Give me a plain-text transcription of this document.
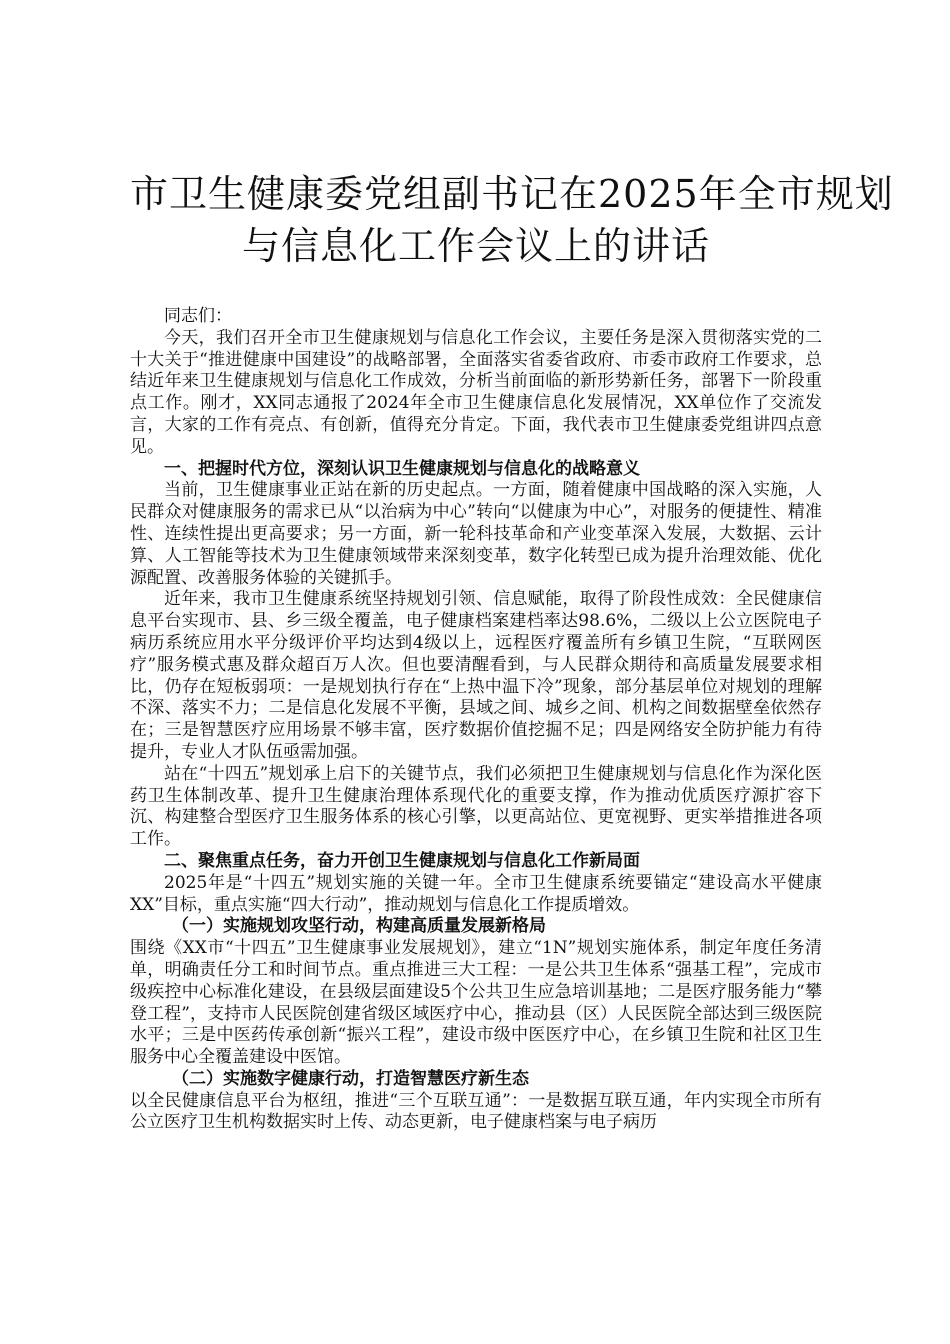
市卫生健康委党组副书记在2025年全市规划
与信息化工作会议上的讲话

同志们：

今天，我们召开全市卫生健康规划与信息化工作会议，主要任务是深入贯彻落实党的二十大关于“推进健康中国建设”的战略部署，全面落实省委省政府、市委市政府工作要求，总结近年来卫生健康规划与信息化工作成效，分析当前面临的新形势新任务，部署下一阶段重点工作。刚才，XX同志通报了2024年全市卫生健康信息化发展情况，XX单位作了交流发言，大家的工作有亮点、有创新，值得充分肯定。下面，我代表市卫生健康委党组讲四点意见。

一、把握时代方位，深刻认识卫生健康规划与信息化的战略意义

当前，卫生健康事业正站在新的历史起点。一方面，随着健康中国战略的深入实施，人民群众对健康服务的需求已从“以治病为中心”转向“以健康为中心”，对服务的便捷性、精准性、连续性提出更高要求；另一方面，新一轮科技革命和产业变革深入发展，大数据、云计算、人工智能等技术为卫生健康领域带来深刻变革，数字化转型已成为提升治理效能、优化源配置、改善服务体验的关键抓手。

近年来，我市卫生健康系统坚持规划引领、信息赋能，取得了阶段性成效：全民健康信息平台实现市、县、乡三级全覆盖，电子健康档案建档率达98.6%，二级以上公立医院电子病历系统应用水平分级评价平均达到4级以上，远程医疗覆盖所有乡镇卫生院，“互联网医疗”服务模式惠及群众超百万人次。但也要清醒看到，与人民群众期待和高质量发展要求相比，仍存在短板弱项：一是规划执行存在“上热中温下冷”现象，部分基层单位对规划的理解不深、落实不力；二是信息化发展不平衡，县域之间、城乡之间、机构之间数据壁垒依然存在；三是智慧医疗应用场景不够丰富，医疗数据价值挖掘不足；四是网络安全防护能力有待提升，专业人才队伍亟需加强。

站在“十四五”规划承上启下的关键节点，我们必须把卫生健康规划与信息化作为深化医药卫生体制改革、提升卫生健康治理体系现代化的重要支撑，作为推动优质医疗源扩容下沉、构建整合型医疗卫生服务体系的核心引擎，以更高站位、更宽视野、更实举措推进各项工作。

二、聚焦重点任务，奋力开创卫生健康规划与信息化工作新局面

2025年是“十四五”规划实施的关键一年。全市卫生健康系统要锚定“建设高水平健康XX”目标，重点实施“四大行动”，推动规划与信息化工作提质增效。

（一）实施规划攻坚行动，构建高质量发展新格局

围绕《XX市“十四五”卫生健康事业发展规划》，建立“1N”规划实施体系，制定年度任务清单，明确责任分工和时间节点。重点推进三大工程：一是公共卫生体系“强基工程”，完成市级疾控中心标准化建设，在县级层面建设5个公共卫生应急培训基地；二是医疗服务能力“攀登工程”，支持市人民医院创建省级区域医疗中心，推动县（区）人民医院全部达到三级医院水平；三是中医药传承创新“振兴工程”，建设市级中医医疗中心，在乡镇卫生院和社区卫生服务中心全覆盖建设中医馆。

（二）实施数字健康行动，打造智慧医疗新生态

以全民健康信息平台为枢纽，推进“三个互联互通”：一是数据互联互通，年内实现全市所有公立医疗卫生机构数据实时上传、动态更新，电子健康档案与电子病历
